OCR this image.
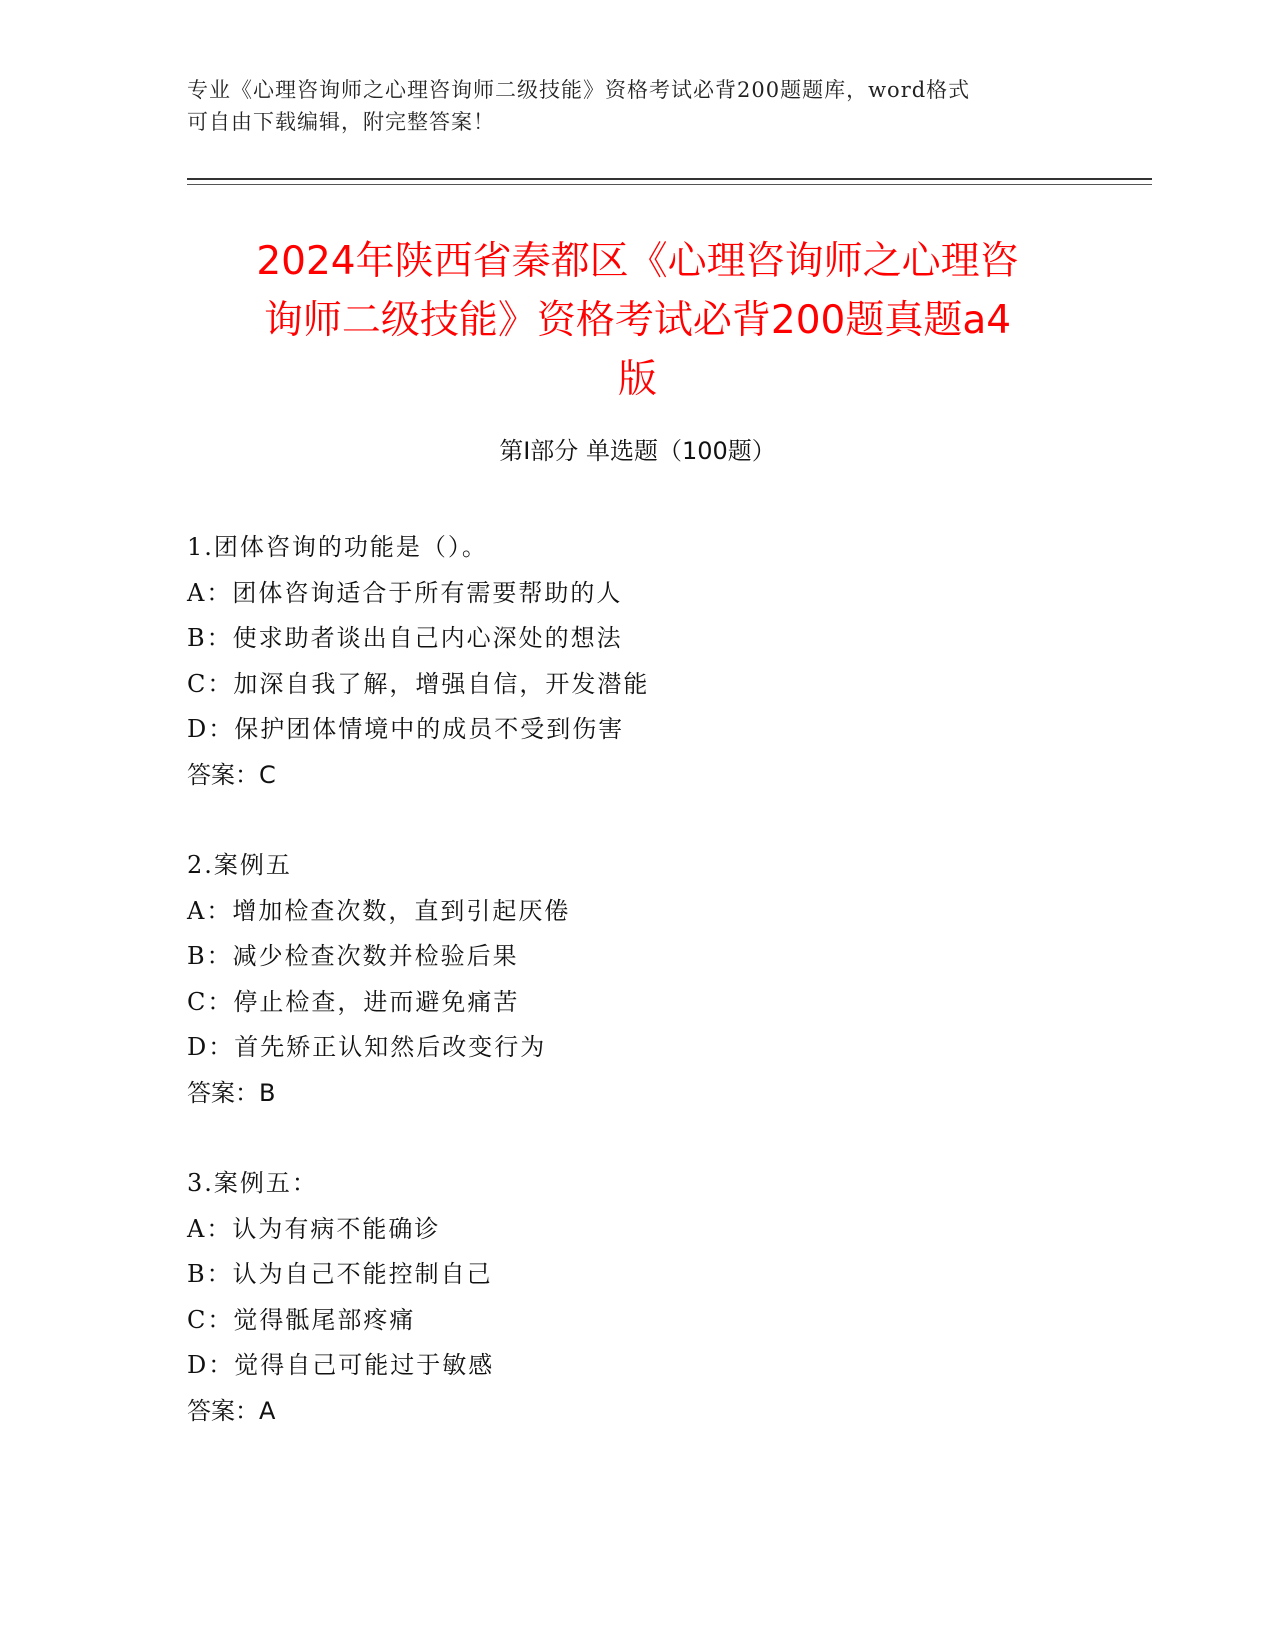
专业《心理咨询师之心理咨询师二级技能》资格考试必背200题题库，word格式
可自由下载编辑，附完整答案！
2024年陕西省秦都区《心理咨询师之心理咨
询师二级技能》资格考试必背200题真题a4
版
第Ⅰ部分 单选题（100题）
1.团体咨询的功能是（）。
A：团体咨询适合于所有需要帮助的人
B：使求助者谈出自己内心深处的想法
C：加深自我了解，增强自信，开发潜能
D：保护团体情境中的成员不受到伤害
答案：C
2.案例五
A：增加检查次数，直到引起厌倦
B：减少检查次数并检验后果
C：停止检查，进而避免痛苦
D：首先矫正认知然后改变行为
答案：B
3.案例五：
A：认为有病不能确诊
B：认为自己不能控制自己
C：觉得骶尾部疼痛
D：觉得自己可能过于敏感
答案：A
